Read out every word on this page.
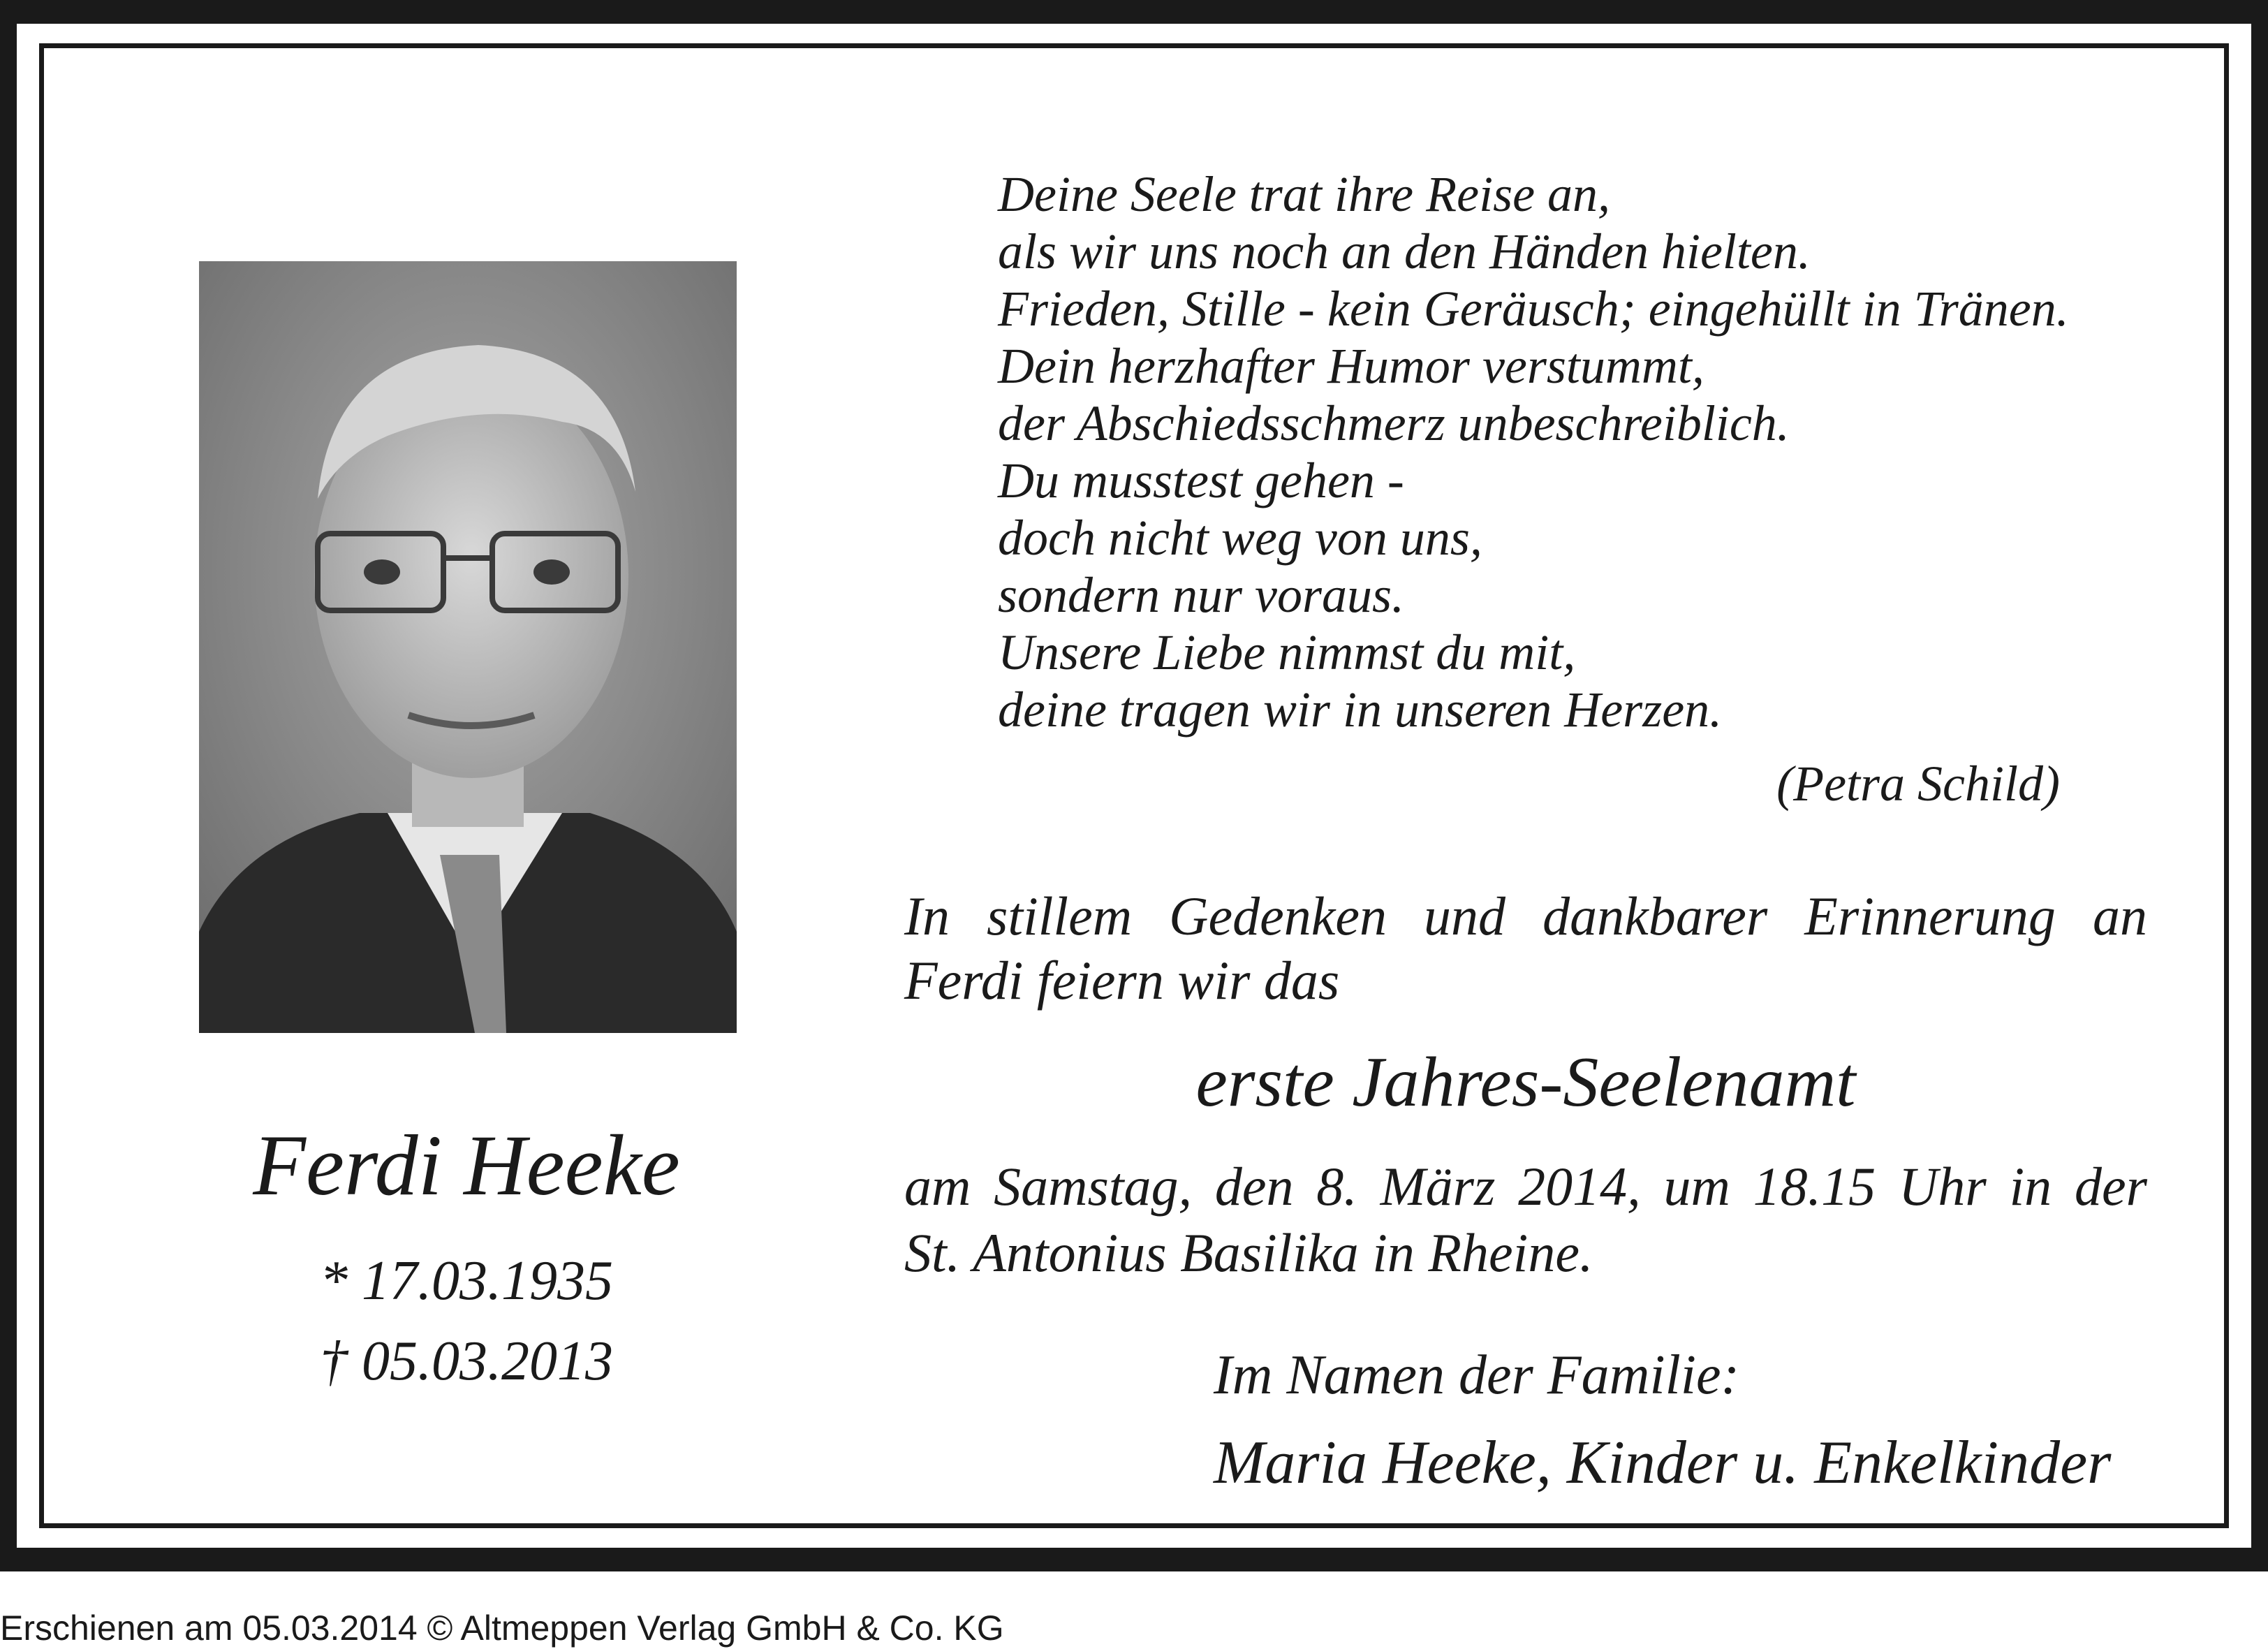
Ferdi Heeke
* 17.03.1935
† 05.03.2013
Deine Seele trat ihre Reise an,
als wir uns noch an den Händen hielten.
Frieden, Stille - kein Geräusch; eingehüllt in Tränen.
Dein herzhafter Humor verstummt,
der Abschiedsschmerz unbeschreiblich.
Du musstest gehen -
doch nicht weg von uns,
sondern nur voraus.
Unsere Liebe nimmst du mit,
deine tragen wir in unseren Herzen.
(Petra Schild)
In stillem Gedenken und dankbarer Erinnerung an
Ferdi feiern wir das
erste Jahres-Seelenamt
am Samstag, den 8. März 2014, um 18.15 Uhr in der
St. Antonius Basilika in Rheine.
Im Namen der Familie:
Maria Heeke, Kinder u. Enkelkinder
Erschienen am 05.03.2014 © Altmeppen Verlag GmbH & Co. KG
